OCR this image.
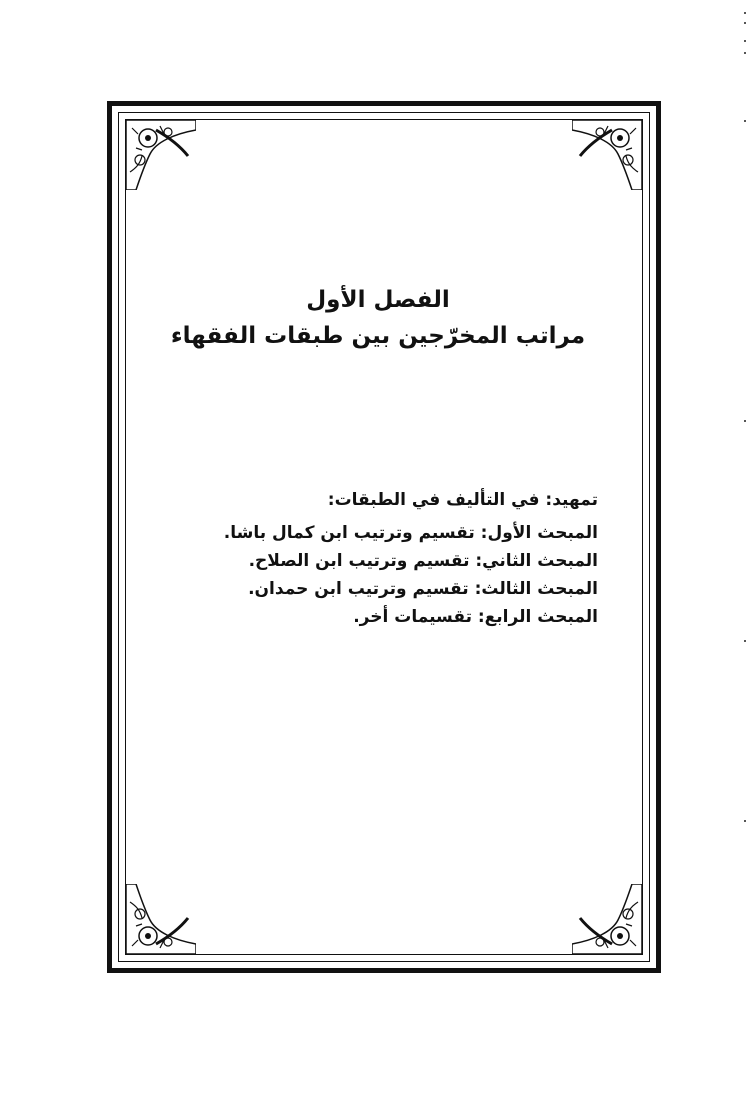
الفصل الأول

مراتب المخرّجين بين طبقات الفقهاء

تمهيد: في التأليف في الطبقات:

المبحث الأول: تقسيم وترتيب ابن كمال باشا.

المبحث الثاني: تقسيم وترتيب ابن الصلاح.

المبحث الثالث: تقسيم وترتيب ابن حمدان.

المبحث الرابع: تقسيمات أخر.
